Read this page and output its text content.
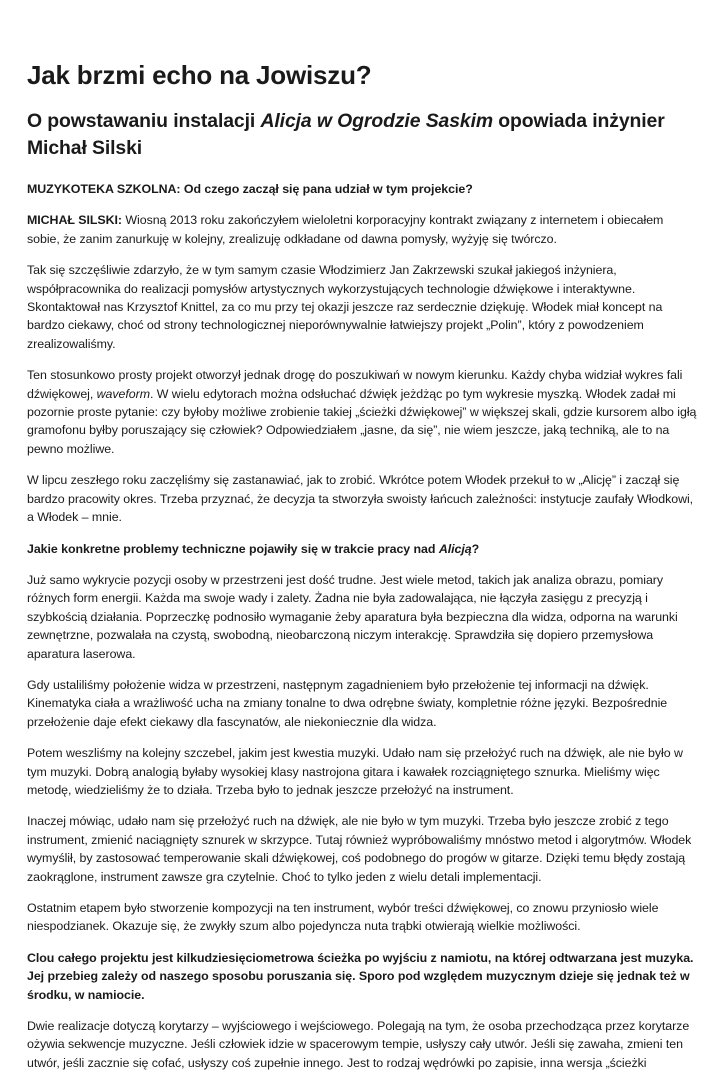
Jak brzmi echo na Jowiszu?
O powstawaniu instalacji Alicja w Ogrodzie Saskim opowiada inżynier Michał Silski

MUZYKOTEKA SZKOLNA: Od czego zaczął się pana udział w tym projekcie?

MICHAŁ SILSKI: Wiosną 2013 roku zakończyłem wieloletni korporacyjny kontrakt związany z internetem i obiecałem sobie, że zanim zanurkuję w kolejny, zrealizuję odkładane od dawna pomysły, wyżyję się twórczo.

Tak się szczęśliwie zdarzyło, że w tym samym czasie Włodzimierz Jan Zakrzewski szukał jakiegoś inżyniera, współpracownika do realizacji pomysłów artystycznych wykorzystujących technologie dźwiękowe i interaktywne. Skontaktował nas Krzysztof Knittel, za co mu przy tej okazji jeszcze raz serdecznie dziękuję. Włodek miał koncept na bardzo ciekawy, choć od strony technologicznej nieporównywalnie łatwiejszy projekt „Polin”, który z powodzeniem zrealizowaliśmy.

Ten stosunkowo prosty projekt otworzył jednak drogę do poszukiwań w nowym kierunku. Każdy chyba widział wykres fali dźwiękowej, waveform. W wielu edytorach można odsłuchać dźwięk jeżdżąc po tym wykresie myszką. Włodek zadał mi pozornie proste pytanie: czy byłoby możliwe zrobienie takiej „ścieżki dźwiękowej” w większej skali, gdzie kursorem albo igłą gramofonu byłby poruszający się człowiek? Odpowiedziałem „jasne, da się”, nie wiem jeszcze, jaką techniką, ale to na pewno możliwe.

W lipcu zeszłego roku zaczęliśmy się zastanawiać, jak to zrobić. Wkrótce potem Włodek przekuł to w „Alicję” i zaczął się bardzo pracowity okres. Trzeba przyznać, że decyzja ta stworzyła swoisty łańcuch zależności: instytucje zaufały Włodkowi, a Włodek – mnie.

Jakie konkretne problemy techniczne pojawiły się w trakcie pracy nad Alicją?

Już samo wykrycie pozycji osoby w przestrzeni jest dość trudne. Jest wiele metod, takich jak analiza obrazu, pomiary różnych form energii. Każda ma swoje wady i zalety. Żadna nie była zadowalająca, nie łączyła zasięgu z precyzją i szybkością działania. Poprzeczkę podnosiło wymaganie żeby aparatura była bezpieczna dla widza, odporna na warunki zewnętrzne, pozwalała na czystą, swobodną, nieobarczoną niczym interakcję. Sprawdziła się dopiero przemysłowa aparatura laserowa.

Gdy ustaliliśmy położenie widza w przestrzeni, następnym zagadnieniem było przełożenie tej informacji na dźwięk. Kinematyka ciała a wrażliwość ucha na zmiany tonalne to dwa odrębne światy, kompletnie różne języki. Bezpośrednie przełożenie daje efekt ciekawy dla fascynatów, ale niekoniecznie dla widza.

Potem weszliśmy na kolejny szczebel, jakim jest kwestia muzyki. Udało nam się przełożyć ruch na dźwięk, ale nie było w tym muzyki. Dobrą analogią byłaby wysokiej klasy nastrojona gitara i kawałek rozciągniętego sznurka. Mieliśmy więc metodę, wiedzieliśmy że to działa. Trzeba było to jednak jeszcze przełożyć na instrument.

Inaczej mówiąc, udało nam się przełożyć ruch na dźwięk, ale nie było w tym muzyki. Trzeba było jeszcze zrobić z tego instrument, zmienić naciągnięty sznurek w skrzypce. Tutaj również wypróbowaliśmy mnóstwo metod i algorytmów. Włodek wymyślił, by zastosować temperowanie skali dźwiękowej, coś podobnego do progów w gitarze. Dzięki temu błędy zostają zaokrąglone, instrument zawsze gra czytelnie. Choć to tylko jeden z wielu detali implementacji.

Ostatnim etapem było stworzenie kompozycji na ten instrument, wybór treści dźwiękowej, co znowu przyniosło wiele niespodzianek. Okazuje się, że zwykły szum albo pojedyncza nuta trąbki otwierają wielkie możliwości.

Clou całego projektu jest kilkudziesięciometrowa ścieżka po wyjściu z namiotu, na której odtwarzana jest muzyka. Jej przebieg zależy od naszego sposobu poruszania się. Sporo pod względem muzycznym dzieje się jednak też w środku, w namiocie.

Dwie realizacje dotyczą korytarzy – wyjściowego i wejściowego. Polegają na tym, że osoba przechodząca przez korytarze ożywia sekwencje muzyczne. Jeśli człowiek idzie w spacerowym tempie, usłyszy cały utwór. Jeśli się zawaha, zmieni ten utwór, jeśli zacznie się cofać, usłyszy coś zupełnie innego. Jest to rodzaj wędrówki po zapisie, inna wersja „ścieżki
